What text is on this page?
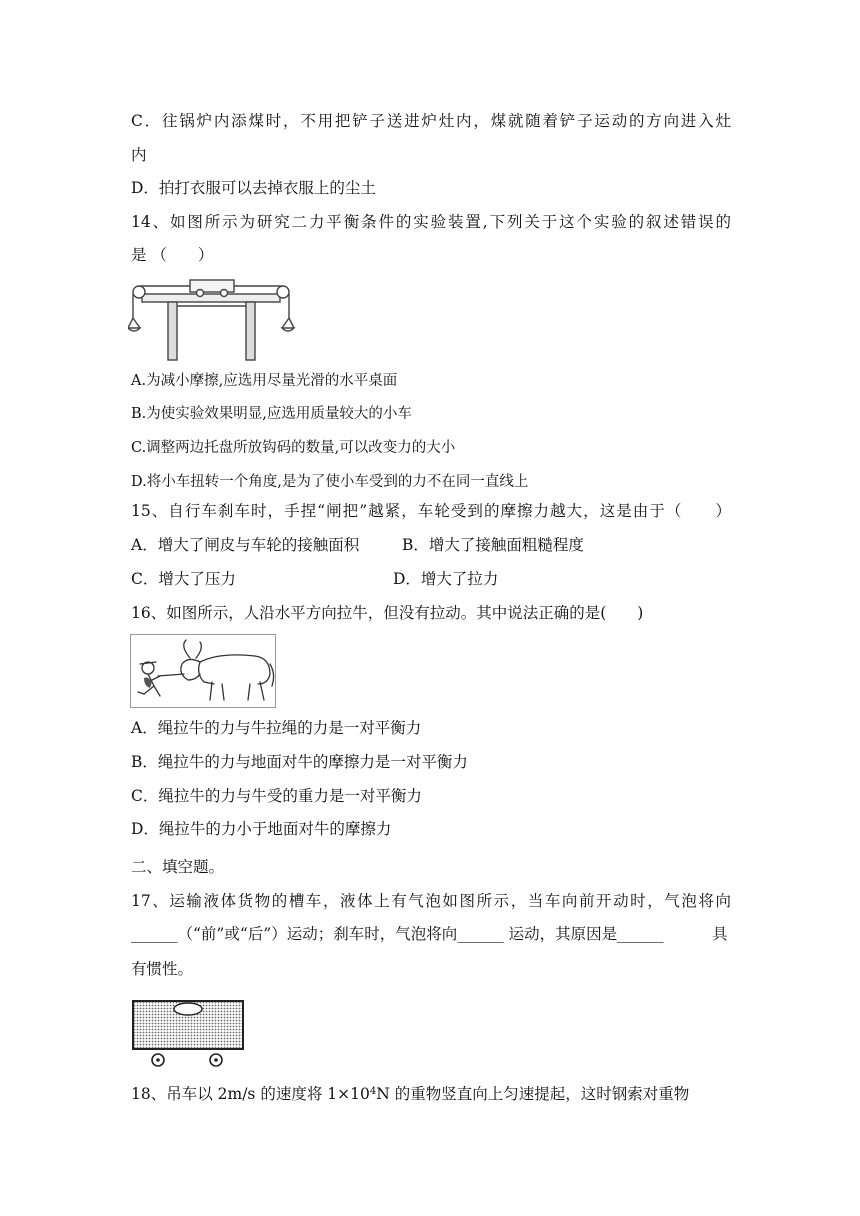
C．往锅炉内添煤时，不用把铲子送进炉灶内，煤就随着铲子运动的方向进入灶
内
D．拍打衣服可以去掉衣服上的尘土
14、如图所示为研究二力平衡条件的实验装置,下列关于这个实验的叙述错误的
是 （　　）
A.为减小摩擦,应选用尽量光滑的水平桌面
B.为使实验效果明显,应选用质量较大的小车
C.调整两边托盘所放钩码的数量,可以改变力的大小
D.将小车扭转一个角度,是为了使小车受到的力不在同一直线上
15、自行车刹车时，手捏“闸把”越紧，车轮受到的摩擦力越大，这是由于（　　）
A．增大了闸皮与车轮的接触面积	B．增大了接触面粗糙程度
C．增大了压力	D．增大了拉力
16、如图所示，人沿水平方向拉牛，但没有拉动。其中说法正确的是(　　)
A．绳拉牛的力与牛拉绳的力是一对平衡力
B．绳拉牛的力与地面对牛的摩擦力是一对平衡力
C．绳拉牛的力与牛受的重力是一对平衡力
D．绳拉牛的力小于地面对牛的摩擦力
二、填空题。
17、运输液体货物的槽车，液体上有气泡如图所示，当车向前开动时，气泡将向
______（“前”或“后”）运动；刹车时，气泡将向______ 运动，其原因是______	具
有惯性。
18、吊车以 2m/s 的速度将 $1\times 10^4N$ 的重物竖直向上匀速提起，这时钢索对重物
